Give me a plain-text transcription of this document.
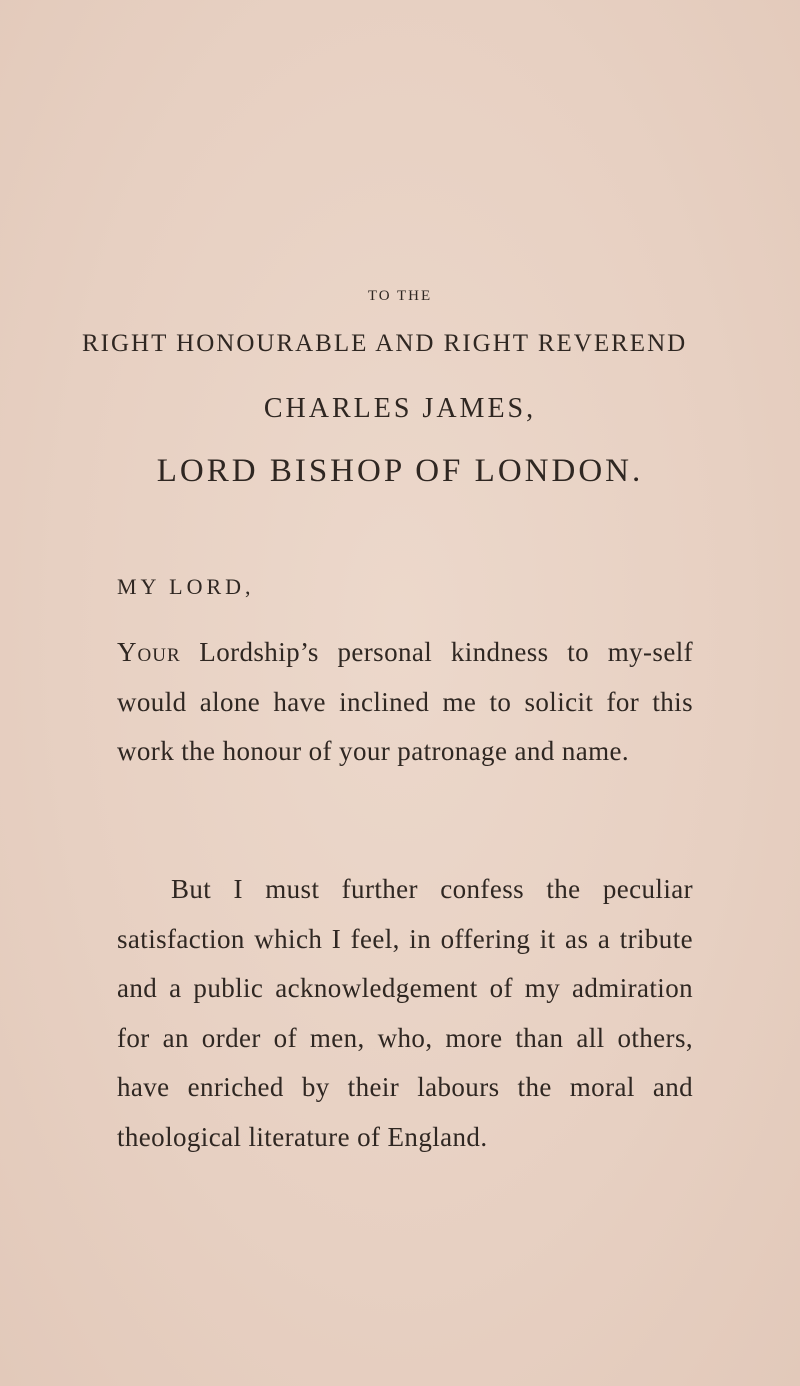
TO THE
RIGHT HONOURABLE AND RIGHT REVEREND
CHARLES JAMES,
LORD BISHOP OF LONDON.
MY LORD,
Your Lordship’s personal kindness to my-self would alone have inclined me to solicit for this work the honour of your patronage and name.
But I must further confess the peculiar satisfaction which I feel, in offering it as a tribute and a public acknowledgement of my admiration for an order of men, who, more than all others, have enriched by their labours the moral and theological literature of England.
